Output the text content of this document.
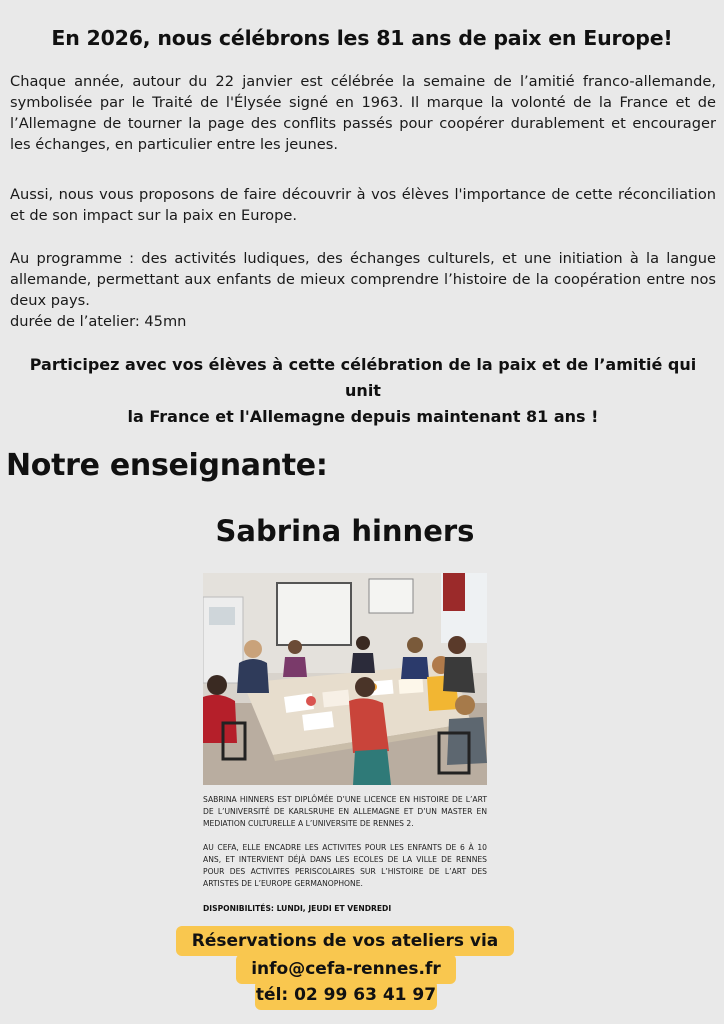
En 2026, nous célébrons les 81 ans de paix en Europe!
Chaque année, autour du 22 janvier est célébrée la semaine de l’amitié franco-allemande, symbolisée par le Traité de l'Élysée signé en 1963. Il marque la volonté de la France et de l’Allemagne de tourner la page des conflits passés pour coopérer durablement et encourager les échanges, en particulier entre les jeunes.
Aussi, nous vous proposons de faire découvrir à vos élèves l'importance de cette réconciliation et de son impact sur la paix en Europe.
Au programme : des activités ludiques, des échanges culturels, et une initiation à la langue allemande, permettant aux enfants de mieux comprendre l’histoire de la coopération entre nos deux pays.
durée de l’atelier: 45mn
Participez avec vos élèves à cette célébration de la paix et de l’amitié qui unit
la France et l'Allemagne depuis maintenant 81 ans !
Notre enseignante:
Sabrina hinners
SABRINA HINNERS EST DIPLÔMÉE D’UNE LICENCE EN HISTOIRE DE L’ART DE L’UNIVERSITÉ DE KARLSRUHE EN ALLEMAGNE ET D’UN MASTER EN MEDIATION CULTURELLE A L’UNIVERSITE DE RENNES 2.
AU CEFA, ELLE ENCADRE LES ACTIVITES POUR LES ENFANTS DE 6 À 10 ANS, ET INTERVIENT DÉJÀ DANS LES ECOLES DE LA VILLE DE RENNES POUR DES ACTIVITES PERISCOLAIRES SUR L’HISTOIRE DE L’ART DES ARTISTES DE L’EUROPE GERMANOPHONE.
DISPONIBILITÉS: LUNDI, JEUDI ET VENDREDI
Réservations de vos ateliers via
info@cefa-rennes.fr
tél: 02 99 63 41 97
